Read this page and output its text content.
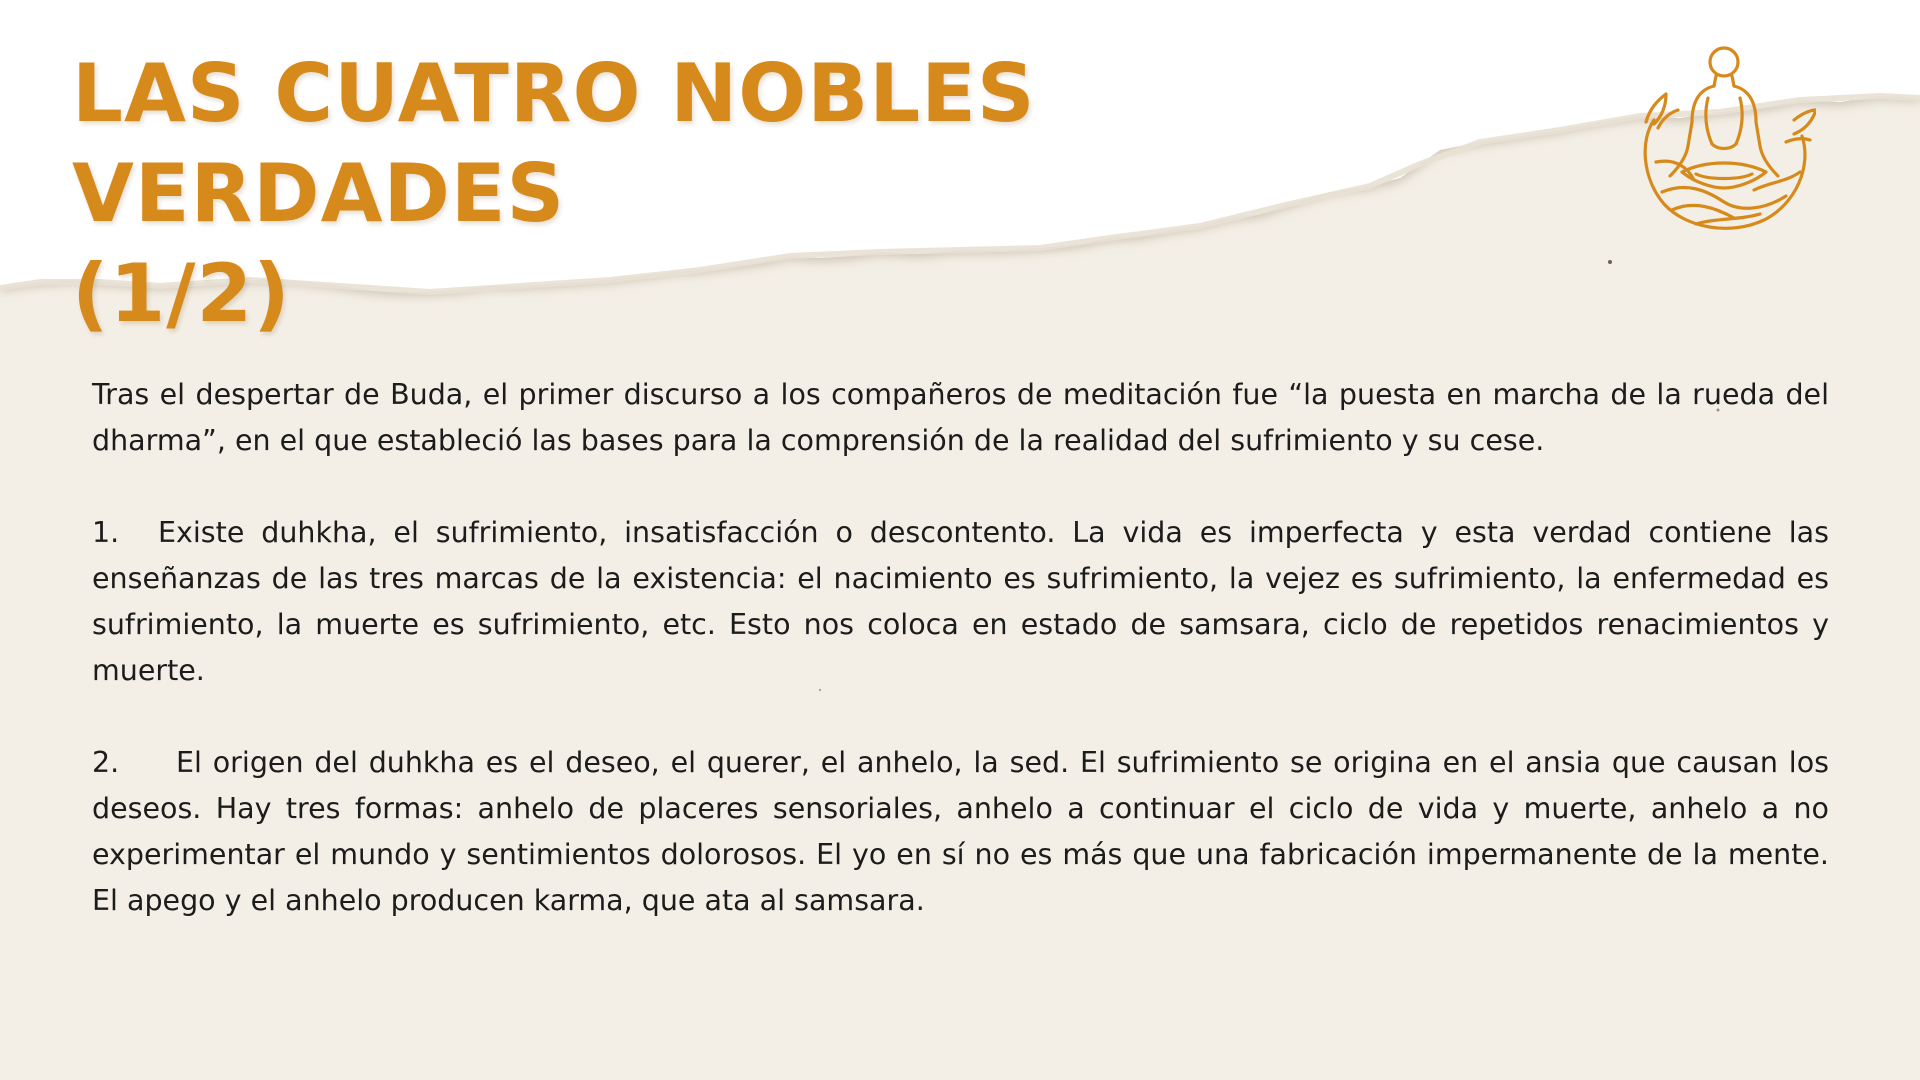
LAS CUATRO NOBLES VERDADES
(1/2)

Tras el despertar de Buda, el primer discurso a los compañeros de meditación fue “la puesta en marcha de la rueda del dharma”, en el que estableció las bases para la comprensión de la realidad del sufrimiento y su cese.

1. Existe duhkha, el sufrimiento, insatisfacción o descontento. La vida es imperfecta y esta verdad contiene las enseñanzas de las tres marcas de la existencia: el nacimiento es sufrimiento, la vejez es sufrimiento, la enfermedad es sufrimiento, la muerte es sufrimiento, etc. Esto nos coloca en estado de samsara, ciclo de repetidos renacimientos y muerte.

2. El origen del duhkha es el deseo, el querer, el anhelo, la sed. El sufrimiento se origina en el ansia que causan los deseos. Hay tres formas: anhelo de placeres sensoriales, anhelo a continuar el ciclo de vida y muerte, anhelo a no experimentar el mundo y sentimientos dolorosos. El yo en sí no es más que una fabricación impermanente de la mente. El apego y el anhelo producen karma, que ata al samsara.
